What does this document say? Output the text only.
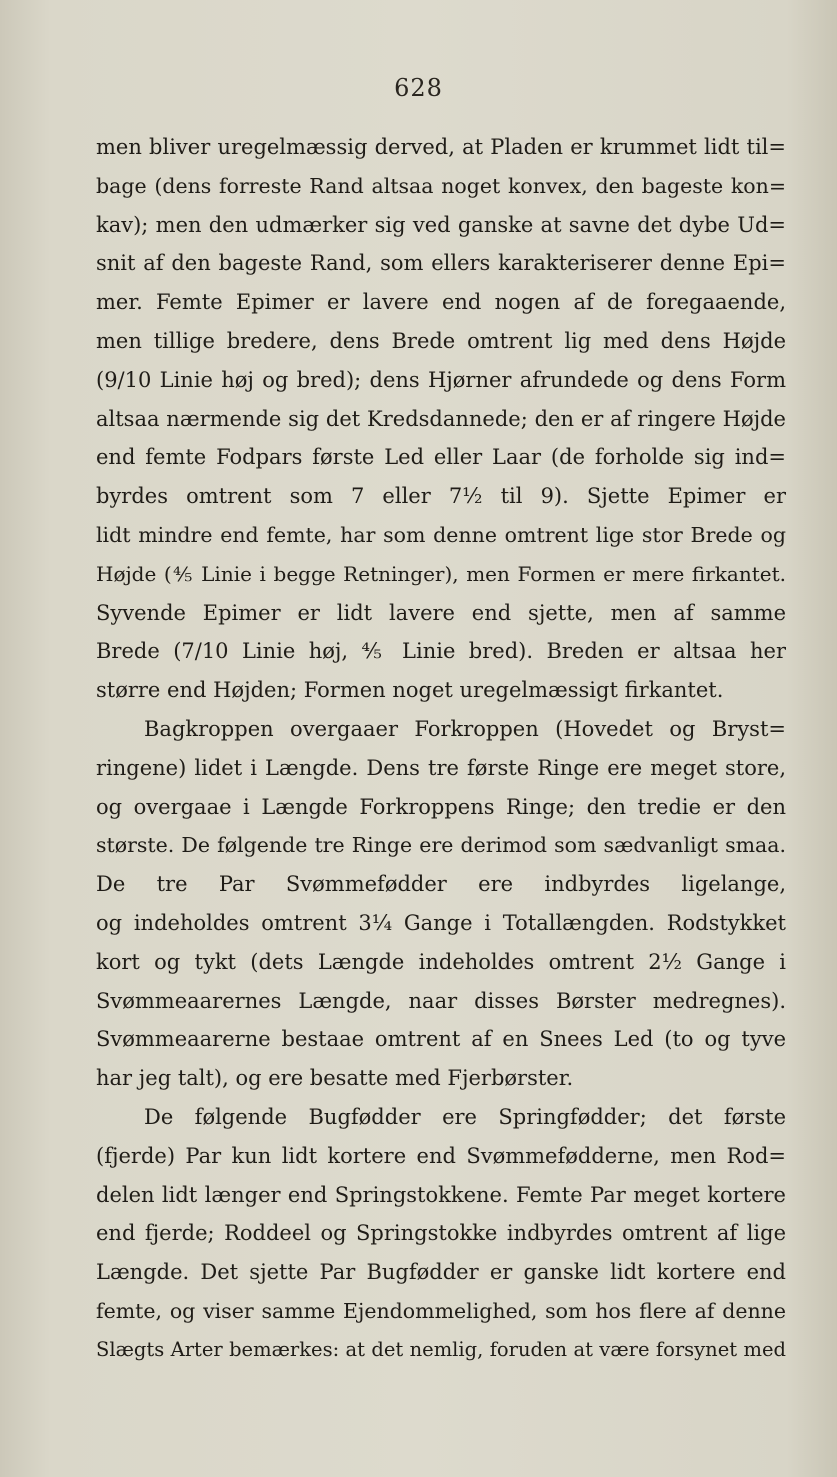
628
men bliver uregelmæssig derved, at Pladen er krummet lidt til=
bage (dens forreste Rand altsaa noget konvex, den bageste kon=
kav); men den udmærker sig ved ganske at savne det dybe Ud=
snit af den bageste Rand, som ellers karakteriserer denne Epi=
mer. Femte Epimer er lavere end nogen af de foregaaende,
men tillige bredere, dens Brede omtrent lig med dens Højde
(9/10 Linie høj og bred); dens Hjørner afrundede og dens Form
altsaa nærmende sig det Kredsdannede; den er af ringere Højde
end femte Fodpars første Led eller Laar (de forholde sig ind=
byrdes omtrent som 7 eller 7½ til 9). Sjette Epimer er
lidt mindre end femte, har som denne omtrent lige stor Brede og
Højde (⅘ Linie i begge Retninger), men Formen er mere firkantet.
Syvende Epimer er lidt lavere end sjette, men af samme
Brede (7/10 Linie høj, ⅘ Linie bred). Breden er altsaa her
større end Højden; Formen noget uregelmæssigt firkantet.
Bagkroppen overgaaer Forkroppen (Hovedet og Bryst=
ringene) lidet i Længde. Dens tre første Ringe ere meget store,
og overgaae i Længde Forkroppens Ringe; den tredie er den
største. De følgende tre Ringe ere derimod som sædvanligt smaa.
De tre Par Svømmefødder ere indbyrdes ligelange,
og indeholdes omtrent 3¼ Gange i Totallængden. Rodstykket
kort og tykt (dets Længde indeholdes omtrent 2½ Gange i
Svømmeaarernes Længde, naar disses Børster medregnes).
Svømmeaarerne bestaae omtrent af en Snees Led (to og tyve
har jeg talt), og ere besatte med Fjerbørster.
De følgende Bugfødder ere Springfødder; det første
(fjerde) Par kun lidt kortere end Svømmefødderne, men Rod=
delen lidt længer end Springstokkene. Femte Par meget kortere
end fjerde; Roddeel og Springstokke indbyrdes omtrent af lige
Længde. Det sjette Par Bugfødder er ganske lidt kortere end
femte, og viser samme Ejendommelighed, som hos flere af denne
Slægts Arter bemærkes: at det nemlig, foruden at være forsynet med
